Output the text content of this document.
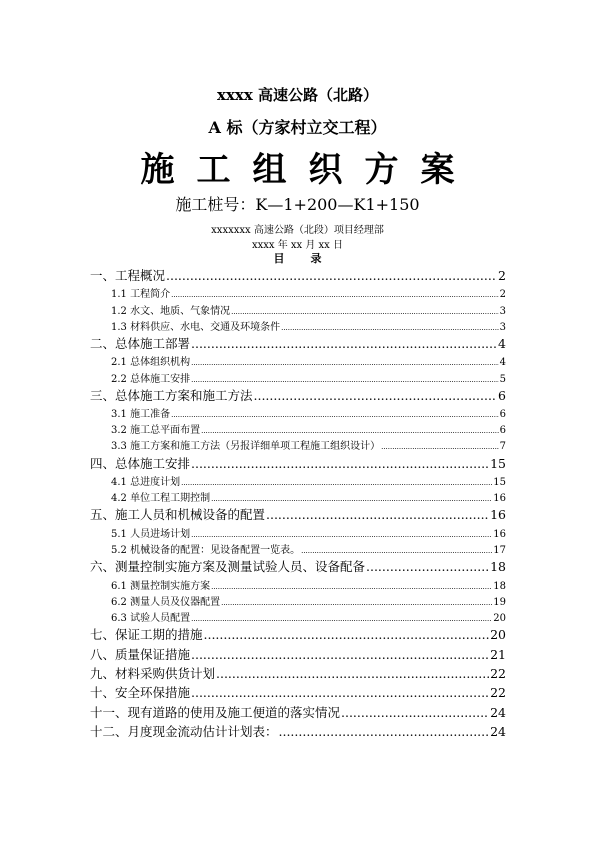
xxxx 高速公路（北路）
A 标（方家村立交工程）
施工组织方案
施工桩号：K—1+200—K1+150
xxxxxxx 高速公路（北段）项目经理部
xxxx 年 xx 月 xx 日
目录
一、工程概况 .....	2
1.1 工程简介 .....	2
1.2 水文、地质、气象情况 .....	3
1.3 材料供应、水电、交通及环境条件 .....	3
二、总体施工部署 .....	4
2.1 总体组织机构 .....	4
2.2 总体施工安排 .....	5
三、总体施工方案和施工方法 .....	6
3.1 施工准备 .....	6
3.2 施工总平面布置 .....	6
3.3 施工方案和施工方法（另报详细单项工程施工组织设计） .....	7
四、总体施工安排 .....	15
4.1 总进度计划 .....	15
4.2 单位工程工期控制 .....	16
五、施工人员和机械设备的配置 .....	16
5.1 人员进场计划 .....	16
5.2 机械设备的配置：见设备配置一览表。 .....	17
六、测量控制实施方案及测量试验人员、设备配备 .....	18
6.1 测量控制实施方案 .....	18
6.2 测量人员及仪器配置 .....	19
6.3 试验人员配置 .....	20
七、保证工期的措施 .....	20
八、质量保证措施 .....	21
九、材料采购供货计划 .....	22
十、安全环保措施 .....	22
十一、现有道路的使用及施工便道的落实情况 .....	24
十二、月度现金流动估计计划表： .....	24
